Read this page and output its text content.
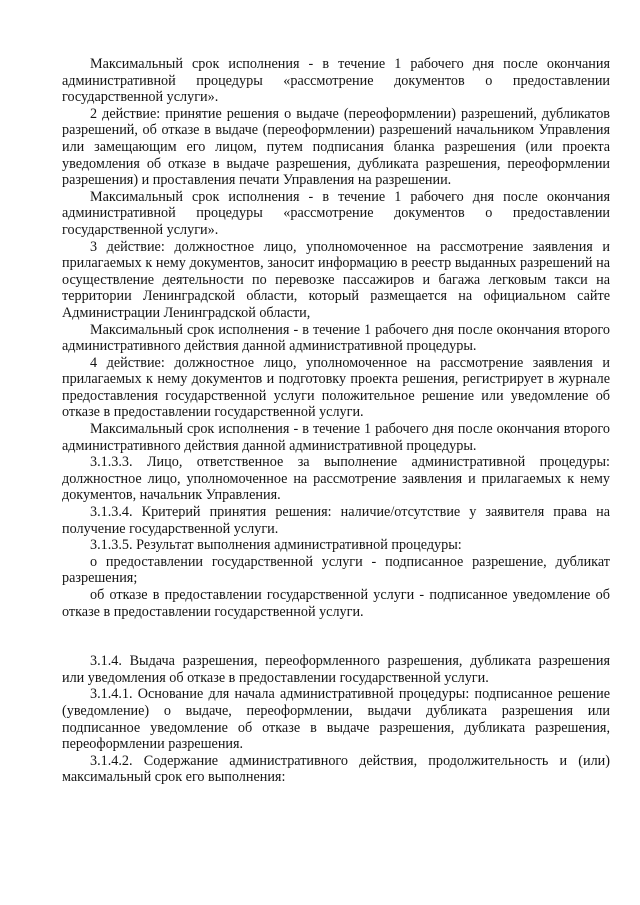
Максимальный срок исполнения - в течение 1 рабочего дня после окончания административной процедуры «рассмотрение документов о предоставлении государственной услуги».

2 действие: принятие решения о выдаче (переоформлении) разрешений, дубликатов разрешений, об отказе в выдаче (переоформлении) разрешений начальником Управления или замещающим его лицом, путем подписания бланка разрешения (или проекта уведомления об отказе в выдаче разрешения, дубликата разрешения, переоформлении разрешения) и проставления печати Управления на разрешении.

Максимальный срок исполнения - в течение 1 рабочего дня после окончания административной процедуры «рассмотрение документов о предоставлении государственной услуги».

3 действие: должностное лицо, уполномоченное на рассмотрение заявления и прилагаемых к нему документов, заносит информацию в реестр выданных разрешений на осуществление деятельности по перевозке пассажиров и багажа легковым такси на территории Ленинградской области, который размещается на официальном сайте Администрации Ленинградской области,

Максимальный срок исполнения - в течение 1 рабочего дня после окончания второго административного действия данной административной процедуры.

4 действие: должностное лицо, уполномоченное на рассмотрение заявления и прилагаемых к нему документов и подготовку проекта решения, регистрирует в журнале предоставления государственной услуги положительное решение или уведомление об отказе в предоставлении государственной услуги.

Максимальный срок исполнения - в течение 1 рабочего дня после окончания второго административного действия данной административной процедуры.

3.1.3.3. Лицо, ответственное за выполнение административной процедуры: должностное лицо, уполномоченное на рассмотрение заявления и прилагаемых к нему документов, начальник Управления.

3.1.3.4. Критерий принятия решения: наличие/отсутствие у заявителя права на получение государственной услуги.

3.1.3.5. Результат выполнения административной процедуры:

о предоставлении государственной услуги - подписанное разрешение, дубликат разрешения;

об отказе в предоставлении государственной услуги - подписанное уведомление об отказе в предоставлении государственной услуги.

3.1.4. Выдача разрешения, переоформленного разрешения, дубликата разрешения или уведомления об отказе в предоставлении государственной услуги.

3.1.4.1. Основание для начала административной процедуры: подписанное решение (уведомление) о выдаче, переоформлении, выдачи дубликата разрешения или подписанное уведомление об отказе в выдаче разрешения, дубликата разрешения, переоформлении разрешения.

3.1.4.2. Содержание административного действия, продолжительность и (или) максимальный срок его выполнения:
